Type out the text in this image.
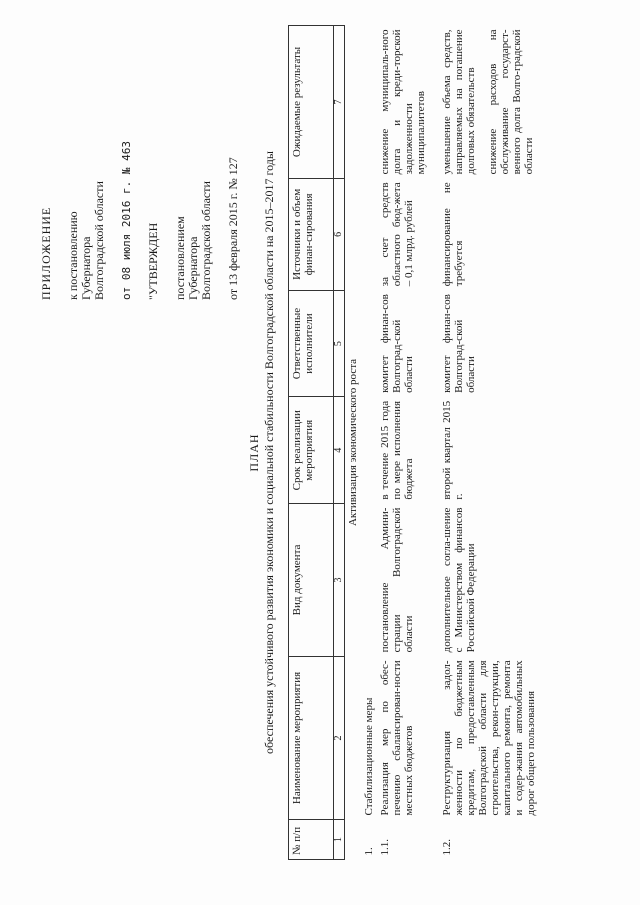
ПРИЛОЖЕНИЕ к постановлению Губернатора Волгоградской области от 08 июля 2016 г. № 463 "УТВЕРЖДЕН постановлением Губернатора Волгоградской области от 13 февраля 2015 г. № 127
ПЛАН обеспечения устойчивого развития экономики и социальной стабильности Волгоградской области на 2015–2017 годы
№ п/п	Наименование мероприятия	Вид документа	Срок реализации мероприятия	Ответственные исполнители	Источники и объем финан-сирования	Ожидаемые результаты
1	2	3	4	5	6	7
Активизация экономического роста						
1.	Стабилизационные меры					
1.1.	Реализация мер по обес-печению сбалансирован-ности местных бюджетов	постановление Админи-страции Волгоградской области	в течение 2015 года по мере исполнения бюджета	комитет финан-сов Волгоград-ской области	за счет средств областного бюд-жета – 0,1 млрд. рублей	снижение муниципаль-ного долга и креди-торской задолженности муниципалитетов

1.2.	Реструктуризация задол-женности по бюджетным кредитам, предоставленным Волгоградской области для строительства, рекон-струкции, капитального ремонта, ремонта и содер-жания автомобильных дорог общего пользования	дополнительное согла-шение с Министерством финансов Российской Федерации	второй квартал 2015 г.	комитет финан-сов Волгоград-ской области	финансирование не требуется	уменьшение объема средств, направляемых на погашение долговых обязательств снижение расходов на обслуживание государст-венного долга Волго-градской области
